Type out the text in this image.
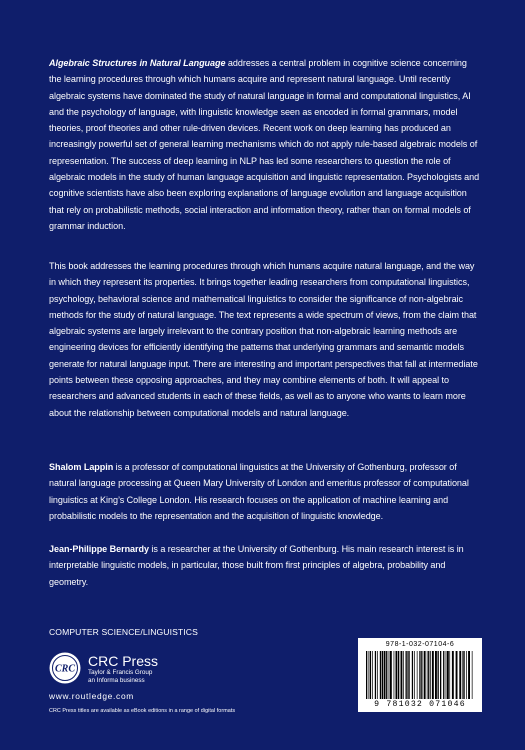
Algebraic Structures in Natural Language addresses a central problem in cognitive science concerning the learning procedures through which humans acquire and represent natural language. Until recently algebraic systems have dominated the study of natural language in formal and computational linguistics, AI and the psychology of language, with linguistic knowledge seen as encoded in formal grammars, model theories, proof theories and other rule-driven devices. Recent work on deep learning has produced an increasingly powerful set of general learning mechanisms which do not apply rule-based algebraic models of representation. The success of deep learning in NLP has led some researchers to question the role of algebraic models in the study of human language acquisition and linguistic representation. Psychologists and cognitive scientists have also been exploring explanations of language evolution and language acquisition that rely on probabilistic methods, social interaction and information theory, rather than on formal models of grammar induction.

This book addresses the learning procedures through which humans acquire natural language, and the way in which they represent its properties. It brings together leading researchers from computational linguistics, psychology, behavioral science and mathematical linguistics to consider the significance of non-algebraic methods for the study of natural language. The text represents a wide spectrum of views, from the claim that algebraic systems are largely irrelevant to the contrary position that non-algebraic learning methods are engineering devices for efficiently identifying the patterns that underlying grammars and semantic models generate for natural language input. There are interesting and important perspectives that fall at intermediate points between these opposing approaches, and they may combine elements of both. It will appeal to researchers and advanced students in each of these fields, as well as to anyone who wants to learn more about the relationship between computational models and natural language.

Shalom Lappin is a professor of computational linguistics at the University of Gothenburg, professor of natural language processing at Queen Mary University of London and emeritus professor of computational linguistics at King’s College London. His research focuses on the application of machine learning and probabilistic models to the representation and the acquisition of linguistic knowledge.

Jean-Philippe Bernardy is a researcher at the University of Gothenburg. His main research interest is in interpretable linguistic models, in particular, those built from first principles of algebra, probability and geometry.

COMPUTER SCIENCE/LINGUISTICS
CRC CRC Press
Taylor & Francis Group
an Informa business
www.routledge.com
CRC Press titles are available as eBook editions in a range of digital formats
978-1-032-07104-6
9 781032 071046
